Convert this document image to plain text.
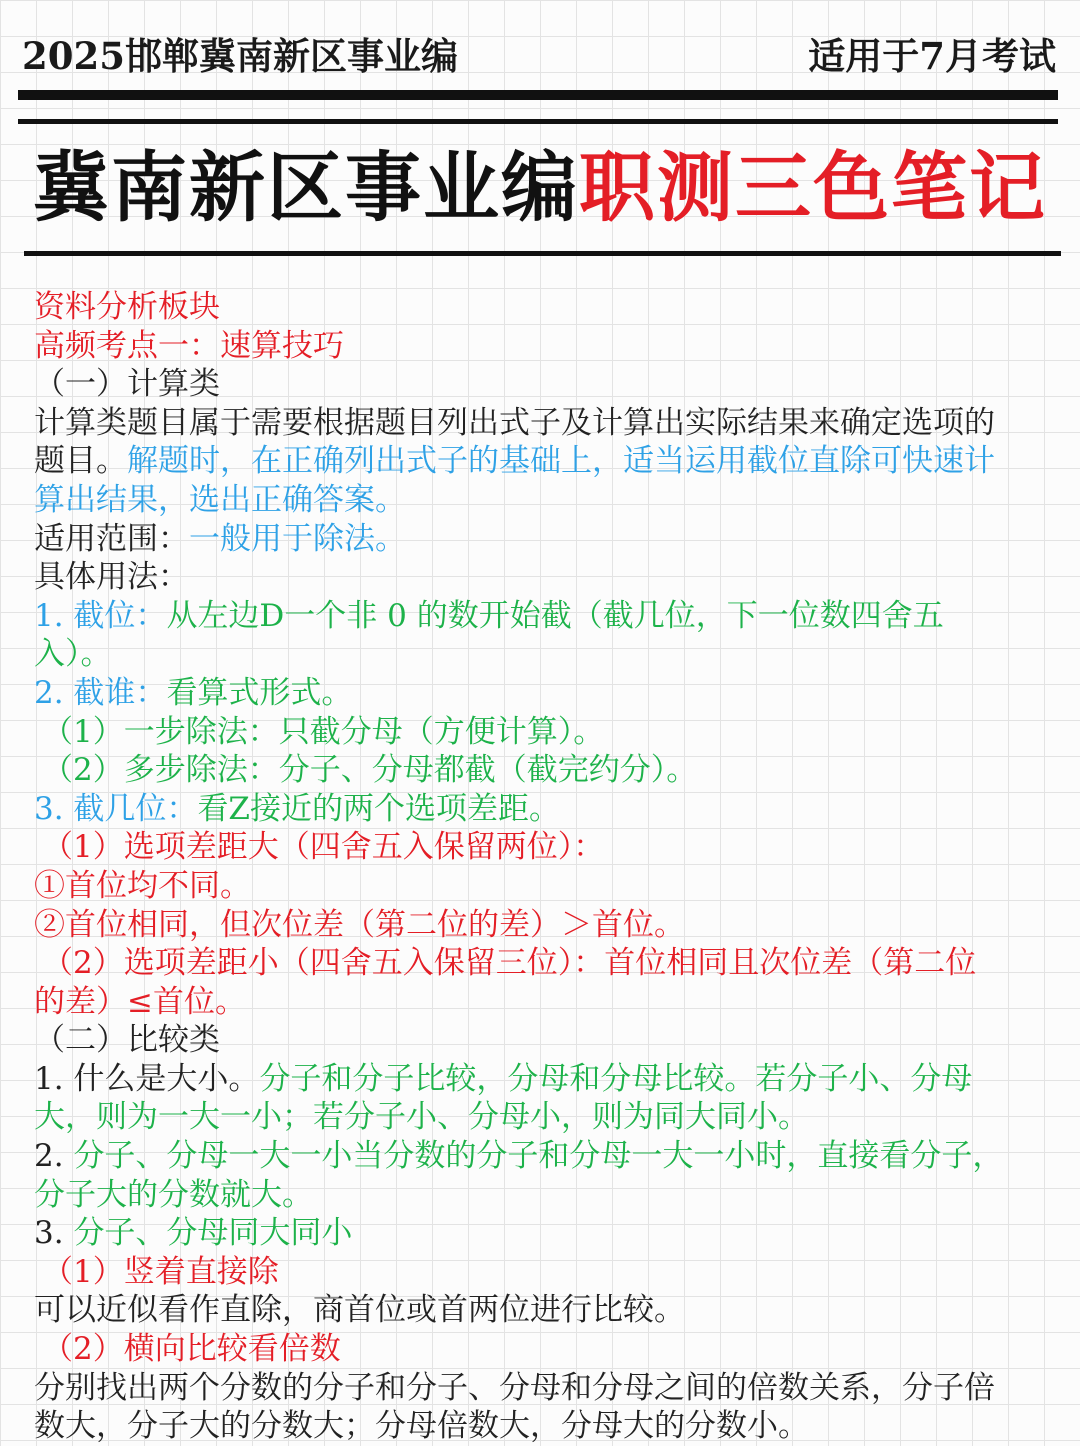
2025邯郸冀南新区事业编	适用于7月考试
冀南新区事业编职测三色笔记
资料分析板块
高频考点一：速算技巧
（一）计算类
计算类题目属于需要根据题目列出式子及计算出实际结果来确定选项的
题目。解题时，在正确列出式子的基础上，适当运用截位直除可快速计
算出结果，选出正确答案。
适用范围：一般用于除法。
具体用法：
1. 截位：从左边D一个非 0 的数开始截（截几位，下一位数四舍五
入）。
2. 截谁：看算式形式。
（1）一步除法：只截分母（方便计算）。
（2）多步除法：分子、分母都截（截完约分）。
3. 截几位：看Z接近的两个选项差距。
（1）选项差距大（四舍五入保留两位）：
①首位均不同。
②首位相同，但次位差（第二位的差）＞首位。
（2）选项差距小（四舍五入保留三位）：首位相同且次位差（第二位
的差）≤首位。
（二）比较类
1. 什么是大小。分子和分子比较，分母和分母比较。若分子小、分母
大，则为一大一小；若分子小、分母小，则为同大同小。
2. 分子、分母一大一小当分数的分子和分母一大一小时，直接看分子，
分子大的分数就大。
3. 分子、分母同大同小
（1）竖着直接除
可以近似看作直除，商首位或首两位进行比较。
（2）横向比较看倍数
分别找出两个分数的分子和分子、分母和分母之间的倍数关系，分子倍
数大，分子大的分数大；分母倍数大，分母大的分数小。
